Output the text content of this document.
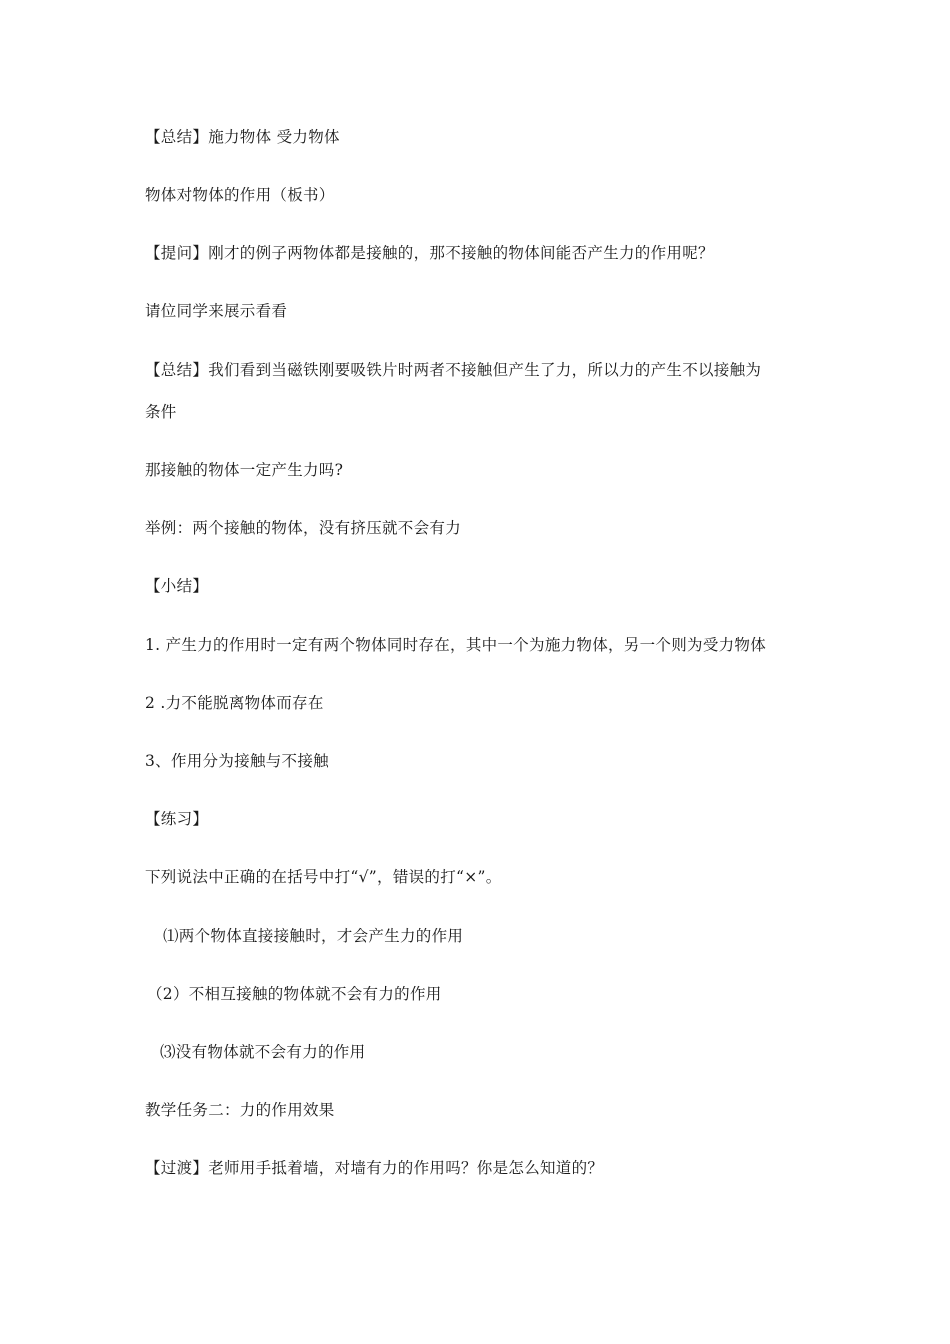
【总结】施力物体 受力物体
物体对物体的作用（板书）
【提问】刚才的例子两物体都是接触的，那不接触的物体间能否产生力的作用呢？
请位同学来展示看看
【总结】我们看到当磁铁刚要吸铁片时两者不接触但产生了力，所以力的产生不以接触为
条件
那接触的物体一定产生力吗?
举例：两个接触的物体，没有挤压就不会有力
【小结】
1. 产生力的作用时一定有两个物体同时存在，其中一个为施力物体，另一个则为受力物体
2 .力不能脱离物体而存在
3、作用分为接触与不接触
【练习】
下列说法中正确的在括号中打“√”，错误的打“×”。
⑴两个物体直接接触时，才会产生力的作用
（2）不相互接触的物体就不会有力的作用
⑶没有物体就不会有力的作用
教学任务二：力的作用效果
【过渡】老师用手抵着墙，对墙有力的作用吗？你是怎么知道的？
